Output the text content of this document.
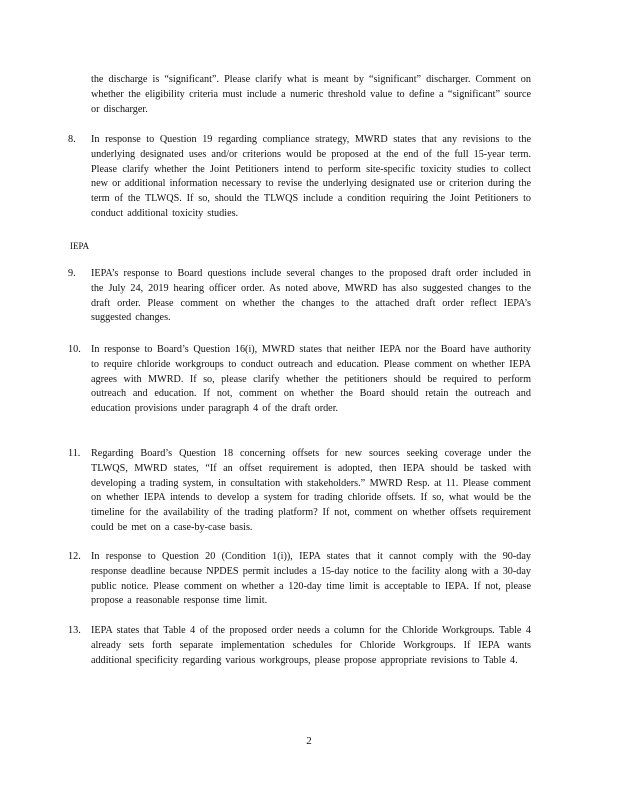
the discharge is “significant”. Please clarify what is meant by “significant” discharger. Comment on whether the eligibility criteria must include a numeric threshold value to define a “significant” source or discharger.
8.	In response to Question 19 regarding compliance strategy, MWRD states that any revisions to the underlying designated uses and/or criterions would be proposed at the end of the full 15-year term. Please clarify whether the Joint Petitioners intend to perform site-specific toxicity studies to collect new or additional information necessary to revise the underlying designated use or criterion during the term of the TLWQS. If so, should the TLWQS include a condition requiring the Joint Petitioners to conduct additional toxicity studies.
IEPA
9.	IEPA’s response to Board questions include several changes to the proposed draft order included in the July 24, 2019 hearing officer order. As noted above, MWRD has also suggested changes to the draft order. Please comment on whether the changes to the attached draft order reflect IEPA’s suggested changes.
10.	In response to Board’s Question 16(i), MWRD states that neither IEPA nor the Board have authority to require chloride workgroups to conduct outreach and education. Please comment on whether IEPA agrees with MWRD. If so, please clarify whether the petitioners should be required to perform outreach and education. If not, comment on whether the Board should retain the outreach and education provisions under paragraph 4 of the draft order.
11.	Regarding Board’s Question 18 concerning offsets for new sources seeking coverage under the TLWQS, MWRD states, “If an offset requirement is adopted, then IEPA should be tasked with developing a trading system, in consultation with stakeholders.” MWRD Resp. at 11. Please comment on whether IEPA intends to develop a system for trading chloride offsets. If so, what would be the timeline for the availability of the trading platform? If not, comment on whether offsets requirement could be met on a case-by-case basis.
12.	In response to Question 20 (Condition 1(i)), IEPA states that it cannot comply with the 90-day response deadline because NPDES permit includes a 15-day notice to the facility along with a 30-day public notice. Please comment on whether a 120-day time limit is acceptable to IEPA. If not, please propose a reasonable response time limit.
13.	IEPA states that Table 4 of the proposed order needs a column for the Chloride Workgroups. Table 4 already sets forth separate implementation schedules for Chloride Workgroups. If IEPA wants additional specificity regarding various workgroups, please propose appropriate revisions to Table 4.
2
